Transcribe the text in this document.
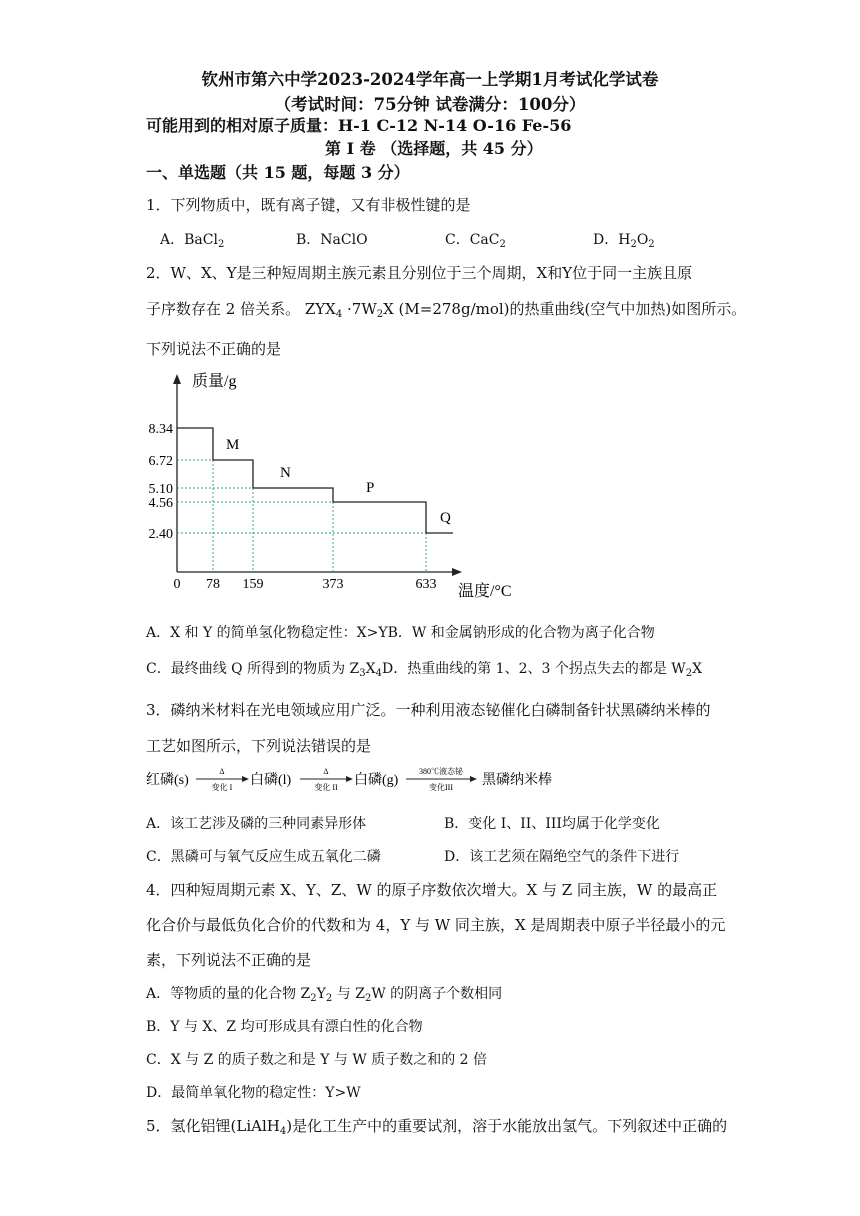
钦州市第六中学2023-2024学年高一上学期1月考试化学试卷
（考试时间：75分钟 试卷满分：100分）
可能用到的相对原子质量：H-1 C-12 N-14 O-16 Fe-56
第 I 卷 （选择题，共 45 分）
一、单选题（共 15 题，每题 3 分）
1．下列物质中，既有离子键，又有非极性键的是
A．BaCl$_2$	B．NaClO	C．CaC$_2$	D．$H_2O_2$
2．W、X、Y是三种短周期主族元素且分别位于三个周期，X和Y位于同一主族且原
子序数存在 2 倍关系。 $ZYX_4 \cdot 7W_2X$ (M=278g/mol)的热重曲线(空气中加热)如图所示。
下列说法不正确的是
质量/g
温度/°C
8.34
6.72
5.10
4.56
2.40
0 78 159	373	633
M
N
P
Q
A．X 和 Y 的简单氢化物稳定性：X>YB．W 和金属钠形成的化合物为离子化合物
C．最终曲线 Q 所得到的物质为 $Z_3X_4D$．热重曲线的第 1、2、3 个拐点失去的都是 $W_2X$
3．磷纳米材料在光电领域应用广泛。一种利用液态铋催化白磷制备针状黑磷纳米棒的
工艺如图所示，下列说法错误的是
红磷(s)
Δ
变化 I 白磷(l)
Δ
变化 II 白磷(g)
380℃液态铋
变化III 黑磷纳米棒
A．该工艺涉及磷的三种同素异形体	B．变化 I、II、III均属于化学变化
C．黑磷可与氧气反应生成五氧化二磷	D．该工艺须在隔绝空气的条件下进行
4．四种短周期元素 X、Y、Z、W 的原子序数依次增大。X 与 Z 同主族，W 的最高正
化合价与最低负化合价的代数和为 4，Y 与 W 同主族，X 是周期表中原子半径最小的元
素，下列说法不正确的是
A．等物质的量的化合物 $Z_2Y_2$ 与 $Z_2W$ 的阴离子个数相同
B．Y 与 X、Z 均可形成具有漂白性的化合物
C．X 与 Z 的质子数之和是 Y 与 W 质子数之和的 2 倍
D．最简单氧化物的稳定性：Y>W
5．氢化铝锂(LiAlH$_4$)是化工生产中的重要试剂，溶于水能放出氢气。下列叙述中正确的
